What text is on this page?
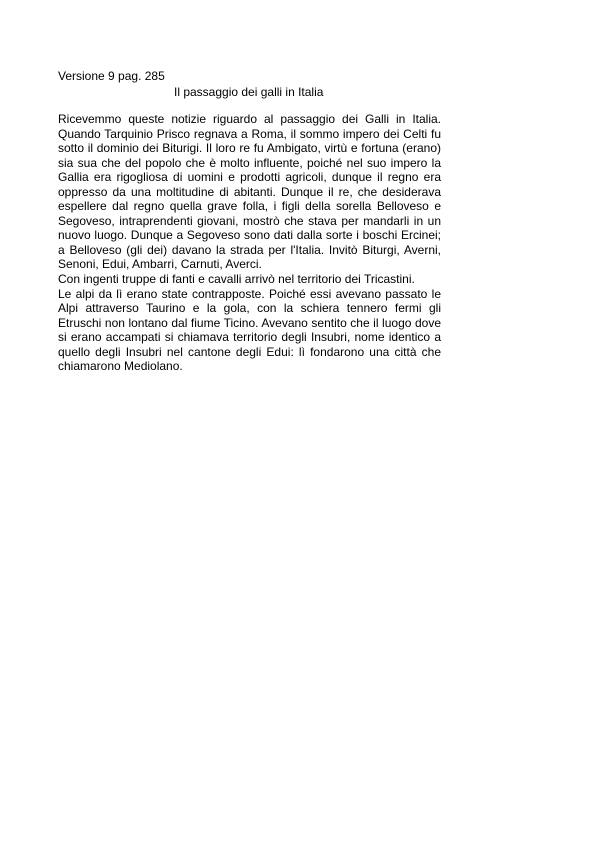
Versione 9 pag. 285
Il passaggio dei galli in Italia

Ricevemmo queste notizie riguardo al passaggio dei Galli in Italia. Quando Tarquinio Prisco regnava a Roma, il sommo impero dei Celti fu sotto il dominio dei Biturigi. Il loro re fu Ambigato, virtù e fortuna (erano) sia sua che del popolo che è molto influente, poiché nel suo impero la Gallia era rigogliosa di uomini e prodotti agricoli, dunque il regno era oppresso da una moltitudine di abitanti. Dunque il re, che desiderava espellere dal regno quella grave folla, i figli della sorella Belloveso e Segoveso, intraprendenti giovani, mostrò che stava per mandarli in un nuovo luogo. Dunque a Segoveso sono dati dalla sorte i boschi Ercinei; a Belloveso (gli dei) davano la strada per l'Italia. Invitò Biturgi, Averni, Senoni, Edui, Ambarri, Carnuti, Averci.

Con ingenti truppe di fanti e cavalli arrivò nel territorio dei Tricastini.

Le alpi da lì erano state contrapposte. Poiché essi avevano passato le Alpi attraverso Taurino e la gola, con la schiera tennero fermi gli Etruschi non lontano dal fiume Ticino. Avevano sentito che il luogo dove si erano accampati si chiamava territorio degli Insubri, nome identico a quello degli Insubri nel cantone degli Edui: lì fondarono una città che chiamarono Mediolano.
